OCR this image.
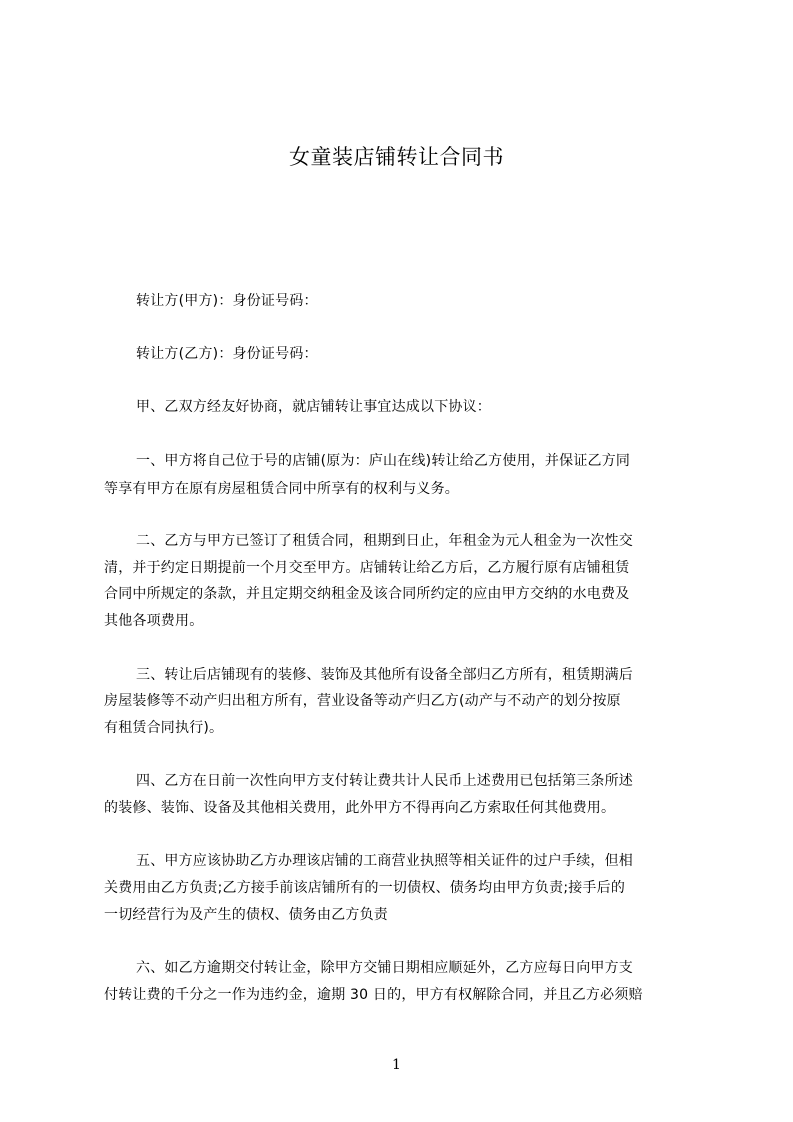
女童装店铺转让合同书
转让方(甲方)：身份证号码：
转让方(乙方)：身份证号码：
甲、乙双方经友好协商，就店铺转让事宜达成以下协议：
一、甲方将自己位于号的店铺(原为：庐山在线)转让给乙方使用，并保证乙方同
等享有甲方在原有房屋租赁合同中所享有的权利与义务。
二、乙方与甲方已签订了租赁合同，租期到日止，年租金为元人租金为一次性交
清，并于约定日期提前一个月交至甲方。店铺转让给乙方后，乙方履行原有店铺租赁
合同中所规定的条款，并且定期交纳租金及该合同所约定的应由甲方交纳的水电费及
其他各项费用。
三、转让后店铺现有的装修、装饰及其他所有设备全部归乙方所有，租赁期满后
房屋装修等不动产归出租方所有，营业设备等动产归乙方(动产与不动产的划分按原
有租赁合同执行)。
四、乙方在日前一次性向甲方支付转让费共计人民币上述费用已包括第三条所述
的装修、装饰、设备及其他相关费用，此外甲方不得再向乙方索取任何其他费用。
五、甲方应该协助乙方办理该店铺的工商营业执照等相关证件的过户手续，但相
关费用由乙方负责;乙方接手前该店铺所有的一切债权、债务均由甲方负责;接手后的
一切经营行为及产生的债权、债务由乙方负责
六、如乙方逾期交付转让金，除甲方交铺日期相应顺延外，乙方应每日向甲方支
付转让费的千分之一作为违约金，逾期 30 日的，甲方有权解除合同，并且乙方必须赔
1
